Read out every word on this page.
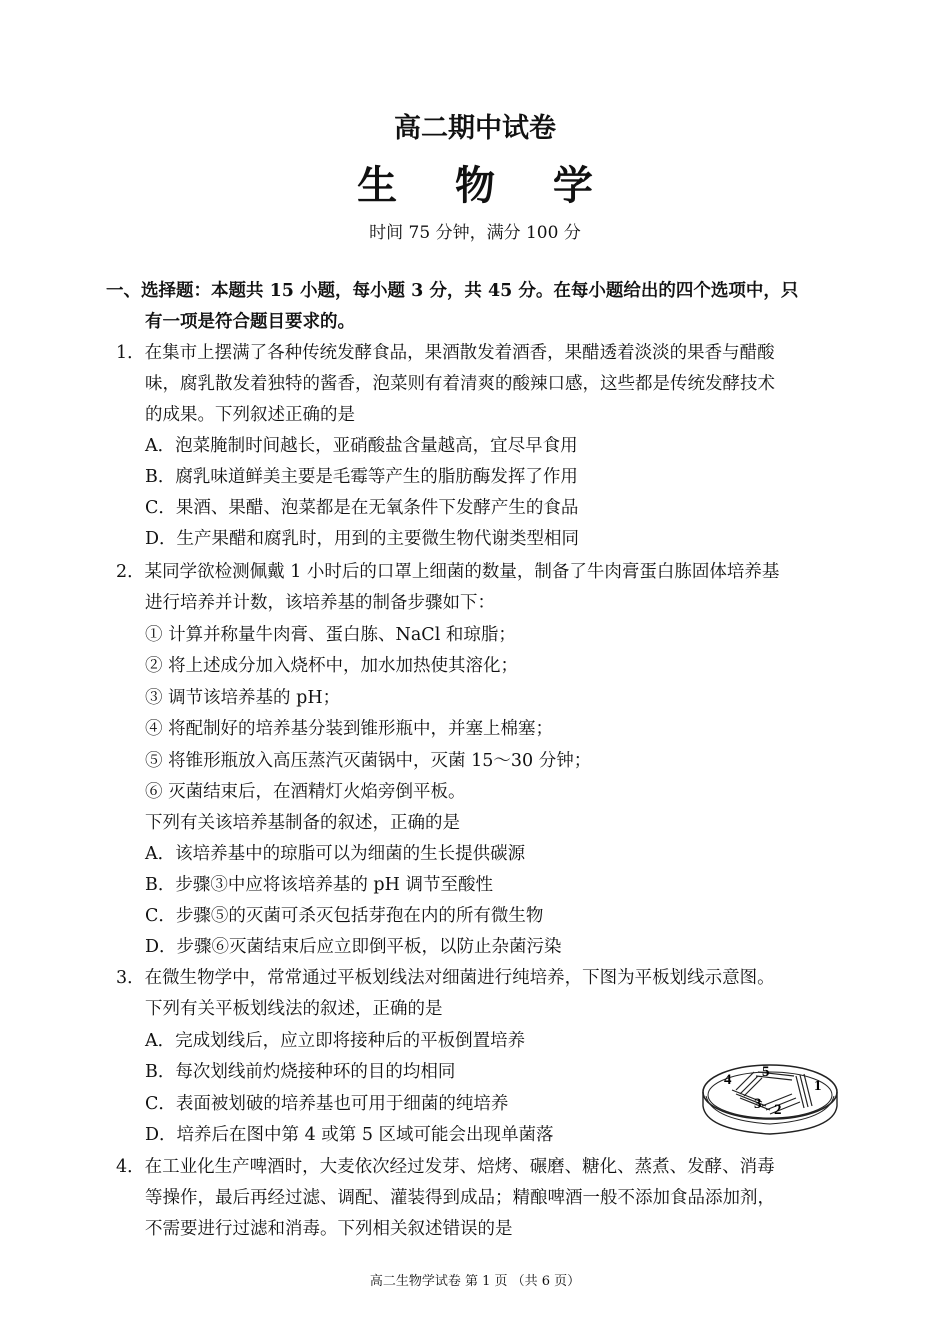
高二期中试卷
生 物 学
时间 75 分钟，满分 100 分
一、选择题：本题共 15 小题，每小题 3 分，共 45 分。在每小题给出的四个选项中，只
有一项是符合题目要求的。
1．在集市上摆满了各种传统发酵食品，果酒散发着酒香，果醋透着淡淡的果香与醋酸
味，腐乳散发着独特的酱香，泡菜则有着清爽的酸辣口感，这些都是传统发酵技术
的成果。下列叙述正确的是
A．泡菜腌制时间越长，亚硝酸盐含量越高，宜尽早食用
B．腐乳味道鲜美主要是毛霉等产生的脂肪酶发挥了作用
C．果酒、果醋、泡菜都是在无氧条件下发酵产生的食品
D．生产果醋和腐乳时，用到的主要微生物代谢类型相同
2．某同学欲检测佩戴 1 小时后的口罩上细菌的数量，制备了牛肉膏蛋白胨固体培养基
进行培养并计数，该培养基的制备步骤如下：
① 计算并称量牛肉膏、蛋白胨、NaCl 和琼脂；
② 将上述成分加入烧杯中，加水加热使其溶化；
③ 调节该培养基的 pH；
④ 将配制好的培养基分装到锥形瓶中，并塞上棉塞；
⑤ 将锥形瓶放入高压蒸汽灭菌锅中，灭菌 15～30 分钟；
⑥ 灭菌结束后，在酒精灯火焰旁倒平板。
下列有关该培养基制备的叙述，正确的是
A．该培养基中的琼脂可以为细菌的生长提供碳源
B．步骤③中应将该培养基的 pH 调节至酸性
C．步骤⑤的灭菌可杀灭包括芽孢在内的所有微生物
D．步骤⑥灭菌结束后应立即倒平板，以防止杂菌污染
3．在微生物学中，常常通过平板划线法对细菌进行纯培养，下图为平板划线示意图。
下列有关平板划线法的叙述，正确的是
A．完成划线后，应立即将接种后的平板倒置培养
B．每次划线前灼烧接种环的目的均相同
C．表面被划破的培养基也可用于细菌的纯培养
D．培养后在图中第 4 或第 5 区域可能会出现单菌落
1
2
3
4 5
4．在工业化生产啤酒时，大麦依次经过发芽、焙烤、碾磨、糖化、蒸煮、发酵、消毒
等操作，最后再经过滤、调配、灌装得到成品；精酿啤酒一般不添加食品添加剂，
不需要进行过滤和消毒。下列相关叙述错误的是
高二生物学试卷 第 1 页 （共 6 页）
